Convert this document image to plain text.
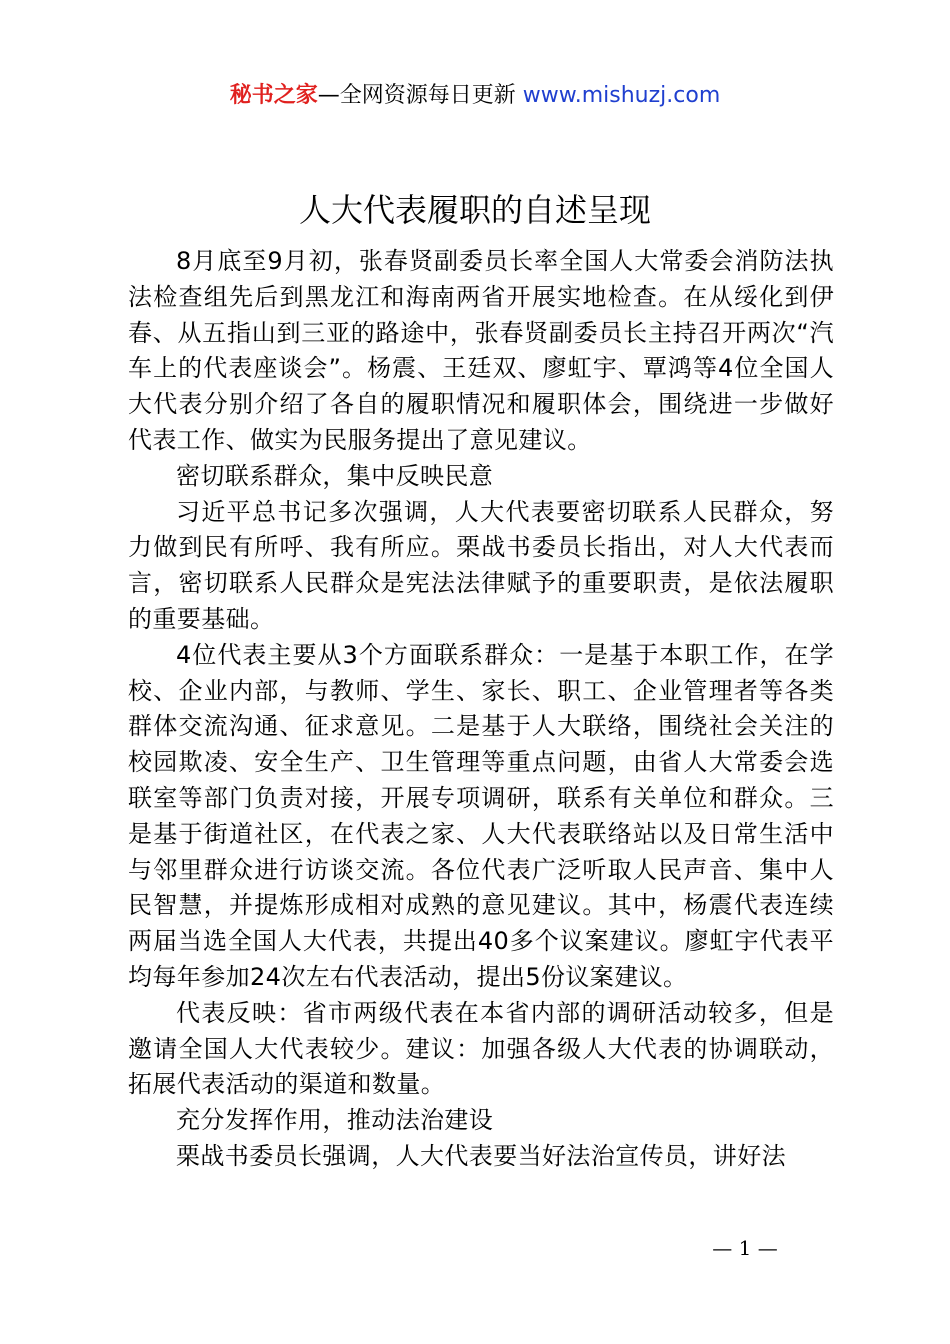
秘书之家—全网资源每日更新 www.mishuzj.com
人大代表履职的自述呈现

8月底至9月初，张春贤副委员长率全国人大常委会消防法执法检查组先后到黑龙江和海南两省开展实地检查。在从绥化到伊春、从五指山到三亚的路途中，张春贤副委员长主持召开两次“汽车上的代表座谈会”。杨震、王廷双、廖虹宇、覃鸿等4位全国人大代表分别介绍了各自的履职情况和履职体会，围绕进一步做好代表工作、做实为民服务提出了意见建议。

密切联系群众，集中反映民意

习近平总书记多次强调，人大代表要密切联系人民群众，努力做到民有所呼、我有所应。栗战书委员长指出，对人大代表而言，密切联系人民群众是宪法法律赋予的重要职责，是依法履职的重要基础。

4位代表主要从3个方面联系群众：一是基于本职工作，在学校、企业内部，与教师、学生、家长、职工、企业管理者等各类群体交流沟通、征求意见。二是基于人大联络，围绕社会关注的校园欺凌、安全生产、卫生管理等重点问题，由省人大常委会选联室等部门负责对接，开展专项调研，联系有关单位和群众。三是基于街道社区，在代表之家、人大代表联络站以及日常生活中与邻里群众进行访谈交流。各位代表广泛听取人民声音、集中人民智慧，并提炼形成相对成熟的意见建议。其中，杨震代表连续两届当选全国人大代表，共提出40多个议案建议。廖虹宇代表平均每年参加24次左右代表活动，提出5份议案建议。

代表反映：省市两级代表在本省内部的调研活动较多，但是邀请全国人大代表较少。建议：加强各级人大代表的协调联动，拓展代表活动的渠道和数量。

充分发挥作用，推动法治建设

栗战书委员长强调，人大代表要当好法治宣传员，讲好法

— 1 —
